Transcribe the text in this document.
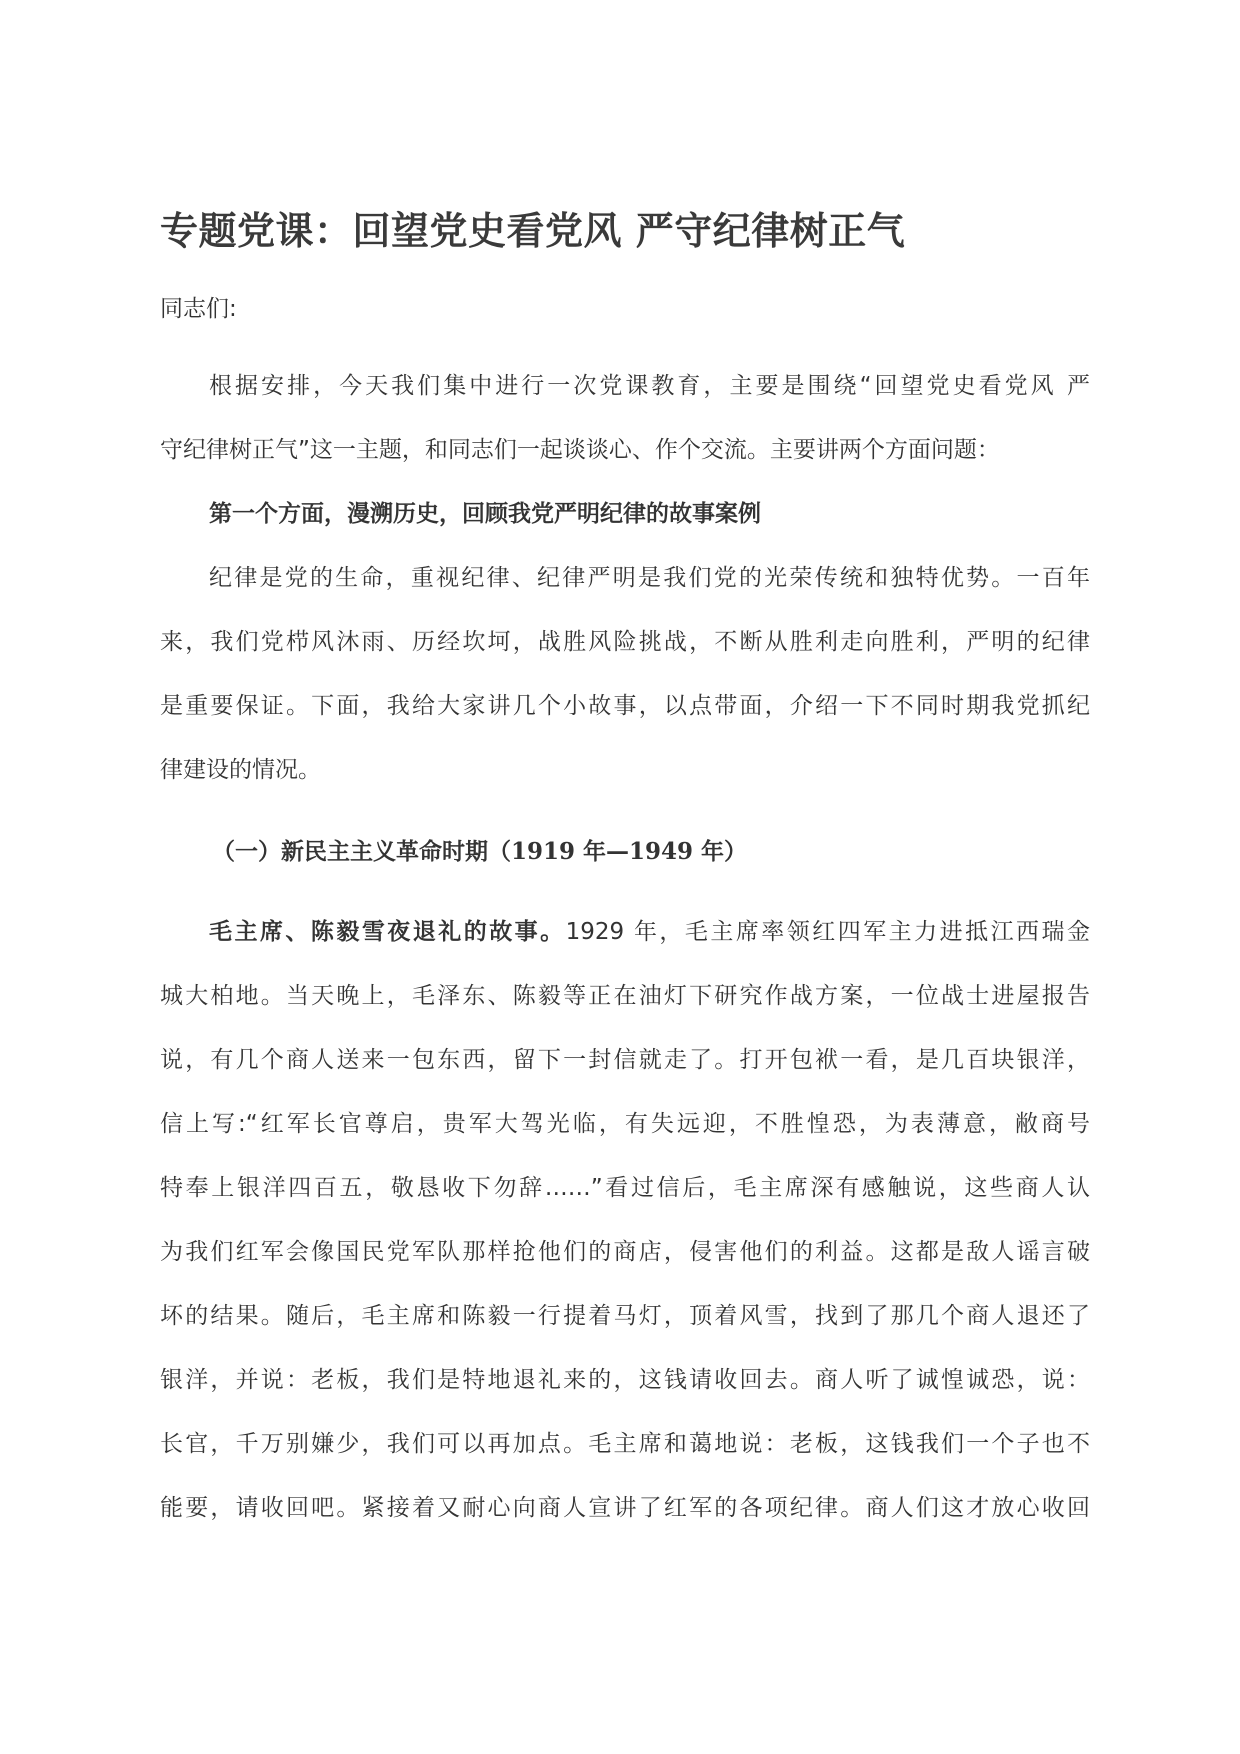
专题党课：回望党史看党风 严守纪律树正气
同志们:
根据安排，今天我们集中进行一次党课教育，主要是围绕“回望党史看党风 严
守纪律树正气”这一主题，和同志们一起谈谈心、作个交流。主要讲两个方面问题：
第一个方面，漫溯历史，回顾我党严明纪律的故事案例
纪律是党的生命，重视纪律、纪律严明是我们党的光荣传统和独特优势。一百年
来，我们党栉风沐雨、历经坎坷，战胜风险挑战，不断从胜利走向胜利，严明的纪律
是重要保证。下面，我给大家讲几个小故事，以点带面，介绍一下不同时期我党抓纪
律建设的情况。
（一）新民主主义革命时期（1919 年—1949 年）
毛主席、陈毅雪夜退礼的故事。1929 年，毛主席率领红四军主力进抵江西瑞金
城大柏地。当天晚上，毛泽东、陈毅等正在油灯下研究作战方案，一位战士进屋报告
说，有几个商人送来一包东西，留下一封信就走了。打开包袱一看，是几百块银洋，
信上写:“红军长官尊启，贵军大驾光临，有失远迎，不胜惶恐，为表薄意，敝商号
特奉上银洋四百五，敬恳收下勿辞……”看过信后，毛主席深有感触说，这些商人认
为我们红军会像国民党军队那样抢他们的商店，侵害他们的利益。这都是敌人谣言破
坏的结果。随后，毛主席和陈毅一行提着马灯，顶着风雪，找到了那几个商人退还了
银洋，并说：老板，我们是特地退礼来的，这钱请收回去。商人听了诚惶诚恐，说：
长官，千万别嫌少，我们可以再加点。毛主席和蔼地说：老板，这钱我们一个子也不
能要，请收回吧。紧接着又耐心向商人宣讲了红军的各项纪律。商人们这才放心收回
